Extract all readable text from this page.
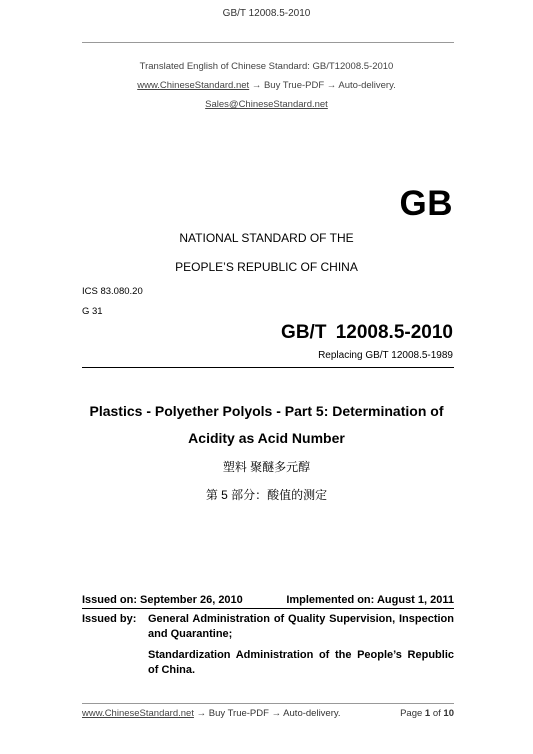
GB/T 12008.5-2010
Translated English of Chinese Standard: GB/T12008.5-2010
www.ChineseStandard.net → Buy True-PDF → Auto-delivery.
Sales@ChineseStandard.net
GB
NATIONAL STANDARD OF THE
PEOPLE’S REPUBLIC OF CHINA
ICS 83.080.20
G 31
GB/T 12008.5-2010
Replacing GB/T 12008.5-1989
Plastics - Polyether Polyols - Part 5: Determination of
Acidity as Acid Number
塑料 聚醚多元醇
第 5 部分：酸值的测定
Issued on: September 26, 2010	Implemented on: August 1, 2011
Issued by: General Administration of Quality Supervision, Inspection and Quarantine;
Standardization Administration of the People’s Republic of China.
www.ChineseStandard.net → Buy True-PDF → Auto-delivery.	Page 1 of 10
